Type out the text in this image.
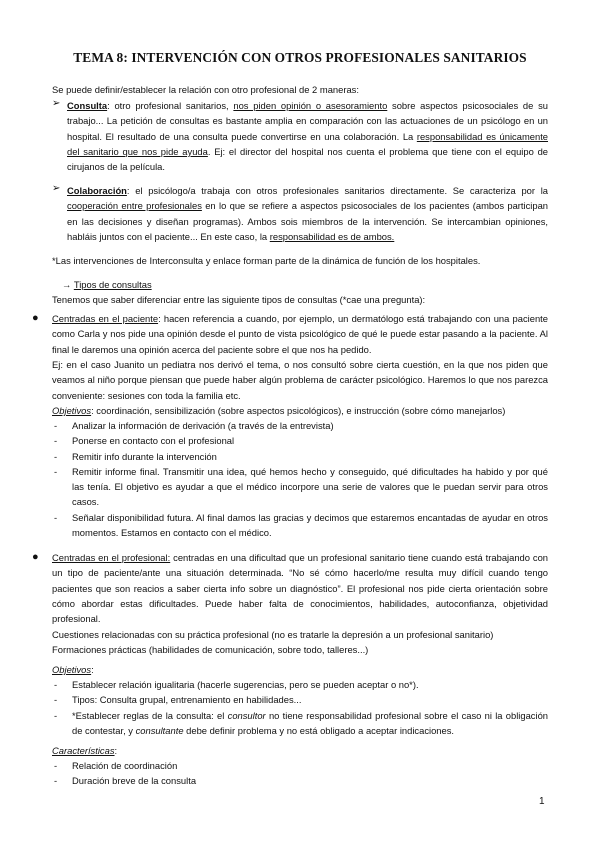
TEMA 8: INTERVENCIÓN CON OTROS PROFESIONALES SANITARIOS

Se puede definir/establecer la relación con otro profesional de 2 maneras:

➢ Consulta: otro profesional sanitarios, nos piden opinión o asesoramiento sobre aspectos psicosociales de su trabajo... La petición de consultas es bastante amplia en comparación con las actuaciones de un psicólogo en un hospital. El resultado de una consulta puede convertirse en una colaboración. La responsabilidad es únicamente del sanitario que nos pide ayuda. Ej: el director del hospital nos cuenta el problema que tiene con el equipo de cirujanos de la película.

➢ Colaboración: el psicólogo/a trabaja con otros profesionales sanitarios directamente. Se caracteriza por la cooperación entre profesionales en lo que se refiere a aspectos psicosociales de los pacientes (ambos participan en las decisiones y diseñan programas). Ambos sois miembros de la intervención. Se intercambian opiniones, habláis juntos con el paciente... En este caso, la responsabilidad es de ambos.

*Las intervenciones de Interconsulta y enlace forman parte de la dinámica de función de los hospitales.

→ Tipos de consultas

Tenemos que saber diferenciar entre las siguiente tipos de consultas (*cae una pregunta):

● Centradas en el paciente: hacen referencia a cuando, por ejemplo, un dermatólogo está trabajando con una paciente como Carla y nos pide una opinión desde el punto de vista psicológico de qué le puede estar pasando a la paciente. Al final le daremos una opinión acerca del paciente sobre el que nos ha pedido.

Ej: en el caso Juanito un pediatra nos derivó el tema, o nos consultó sobre cierta cuestión, en la que nos piden que veamos al niño porque piensan que puede haber algún problema de carácter psicológico. Haremos lo que nos parezca conveniente: sesiones con toda la familia etc.

Objetivos: coordinación, sensibilización (sobre aspectos psicológicos), e instrucción (sobre cómo manejarlos)

- Analizar la información de derivación (a través de la entrevista)
- Ponerse en contacto con el profesional
- Remitir info durante la intervención
- Remitir informe final. Transmitir una idea, qué hemos hecho y conseguido, qué dificultades ha habido y por qué las tenía. El objetivo es ayudar a que el médico incorpore una serie de valores que le puedan servir para otros casos.
- Señalar disponibilidad futura. Al final damos las gracias y decimos que estaremos encantadas de ayudar en otros momentos. Estamos en contacto con el médico.
● Centradas en el profesional: centradas en una dificultad que un profesional sanitario tiene cuando está trabajando con un tipo de paciente/ante una situación determinada. “No sé cómo hacerlo/me resulta muy difícil cuando tengo pacientes que son reacios a saber cierta info sobre un diagnóstico”. El profesional nos pide cierta orientación sobre cómo abordar estas dificultades. Puede haber falta de conocimientos, habilidades, autoconfianza, objetividad profesional.

Cuestiones relacionadas con su práctica profesional (no es tratarle la depresión a un profesional sanitario)

Formaciones prácticas (habilidades de comunicación, sobre todo, talleres...)

Objetivos:

- Establecer relación igualitaria (hacerle sugerencias, pero se pueden aceptar o no*).
- Tipos: Consulta grupal, entrenamiento en habilidades...
- *Establecer reglas de la consulta: el consultor no tiene responsabilidad profesional sobre el caso ni la obligación de contestar, y consultante debe definir problema y no está obligado a aceptar indicaciones.

Características:

- Relación de coordinación
- Duración breve de la consulta
1
